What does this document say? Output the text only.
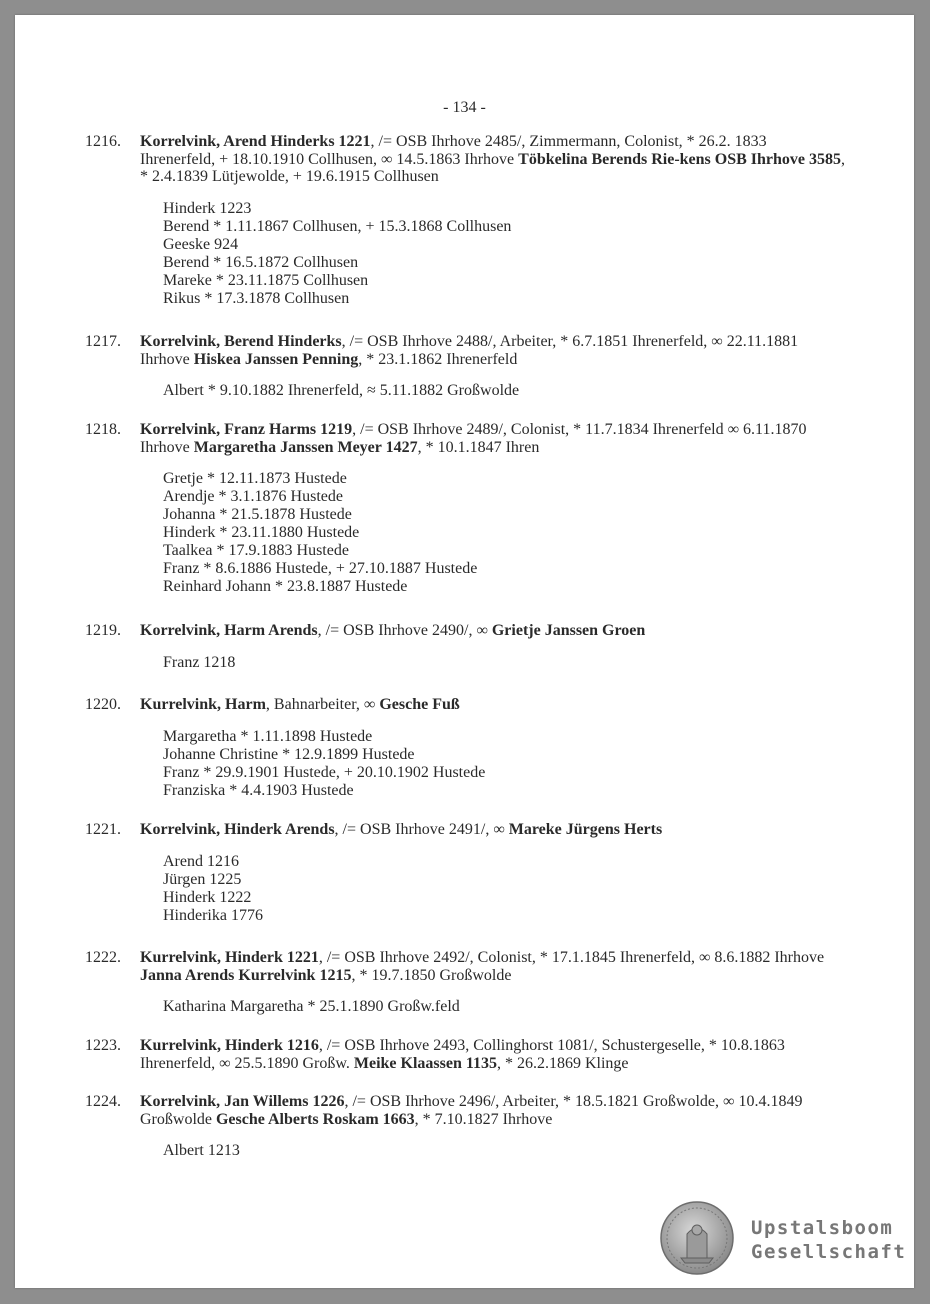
- 134 -
1216. Korrelvink, Arend Hinderks 1221, /= OSB Ihrhove 2485/, Zimmermann, Colonist, * 26.2. 1833 Ihrenerfeld, + 18.10.1910 Collhusen, ∞ 14.5.1863 Ihrhove Töbkelina Berends Rie-kens OSB Ihrhove 3585, * 2.4.1839 Lütjewolde, + 19.6.1915 Collhusen
Hinderk 1223
Berend * 1.11.1867 Collhusen, + 15.3.1868 Collhusen
Geeske 924
Berend * 16.5.1872 Collhusen
Mareke * 23.11.1875 Collhusen
Rikus * 17.3.1878 Collhusen
1217. Korrelvink, Berend Hinderks, /= OSB Ihrhove 2488/, Arbeiter, * 6.7.1851 Ihrenerfeld, ∞ 22.11.1881 Ihrhove Hiskea Janssen Penning, * 23.1.1862 Ihrenerfeld
Albert * 9.10.1882 Ihrenerfeld, ≈ 5.11.1882 Großwolde
1218. Korrelvink, Franz Harms 1219, /= OSB Ihrhove 2489/, Colonist, * 11.7.1834 Ihrenerfeld ∞ 6.11.1870 Ihrhove Margaretha Janssen Meyer 1427, * 10.1.1847 Ihren
Gretje * 12.11.1873 Hustede
Arendje * 3.1.1876 Hustede
Johanna * 21.5.1878 Hustede
Hinderk * 23.11.1880 Hustede
Taalkea * 17.9.1883 Hustede
Franz * 8.6.1886 Hustede, + 27.10.1887 Hustede
Reinhard Johann * 23.8.1887 Hustede
1219. Korrelvink, Harm Arends, /= OSB Ihrhove 2490/, ∞ Grietje Janssen Groen
Franz 1218
1220. Kurrelvink, Harm, Bahnarbeiter, ∞ Gesche Fuß
Margaretha * 1.11.1898 Hustede
Johanne Christine * 12.9.1899 Hustede
Franz * 29.9.1901 Hustede, + 20.10.1902 Hustede
Franziska * 4.4.1903 Hustede
1221. Korrelvink, Hinderk Arends, /= OSB Ihrhove 2491/, ∞ Mareke Jürgens Herts
Arend 1216
Jürgen 1225
Hinderk 1222
Hinderika 1776
1222. Kurrelvink, Hinderk 1221, /= OSB Ihrhove 2492/, Colonist, * 17.1.1845 Ihrenerfeld, ∞ 8.6.1882 Ihrhove Janna Arends Kurrelvink 1215, * 19.7.1850 Großwolde
Katharina Margaretha * 25.1.1890 Großw.feld
1223. Kurrelvink, Hinderk 1216, /= OSB Ihrhove 2493, Collinghorst 1081/, Schustergeselle, * 10.8.1863 Ihrenerfeld, ∞ 25.5.1890 Großw. Meike Klaassen 1135, * 26.2.1869 Klinge
1224. Korrelvink, Jan Willems 1226, /= OSB Ihrhove 2496/, Arbeiter, * 18.5.1821 Großwolde, ∞ 10.4.1849 Großwolde Gesche Alberts Roskam 1663, * 7.10.1827 Ihrhove
Albert 1213
Upstalsboom
Gesellschaft
